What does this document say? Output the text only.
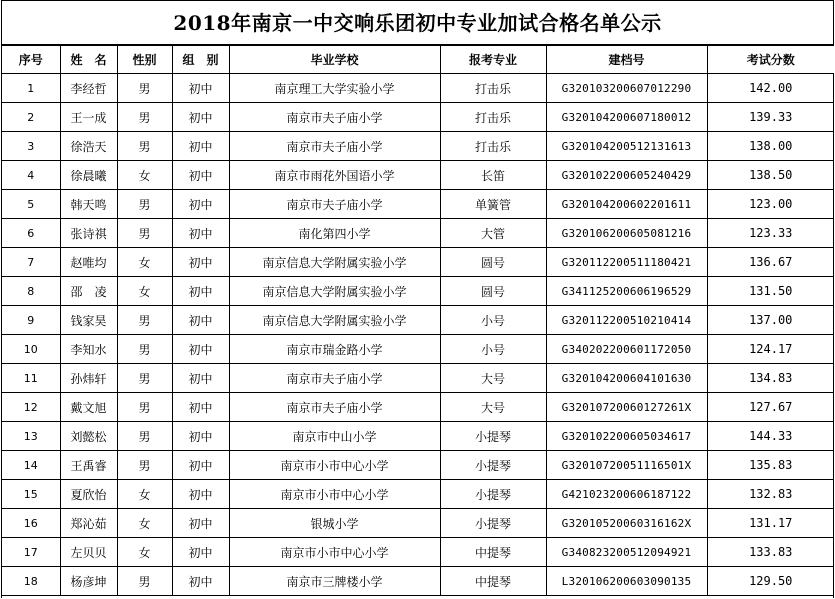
2018年南京一中交响乐团初中专业加试合格名单公示
序号	姓　名	性别	组　别	毕业学校	报考专业	建档号	考试分数
1	李经哲	男	初中	南京理工大学实验小学	打击乐	G320103200607012290	142.00
2	王一成	男	初中	南京市夫子庙小学	打击乐	G320104200607180012	139.33
3	徐浩天	男	初中	南京市夫子庙小学	打击乐	G320104200512131613	138.00
4	徐晨曦	女	初中	南京市雨花外国语小学	长笛	G320102200605240429	138.50
5	韩天鸣	男	初中	南京市夫子庙小学	单簧管	G320104200602201611	123.00
6	张诗祺	男	初中	南化第四小学	大管	G320106200605081216	123.33
7	赵唯均	女	初中	南京信息大学附属实验小学	圆号	G320112200511180421	136.67
8	邵　凌	女	初中	南京信息大学附属实验小学	圆号	G341125200606196529	131.50
9	钱家昊	男	初中	南京信息大学附属实验小学	小号	G320112200510210414	137.00
10	李知水	男	初中	南京市瑞金路小学	小号	G340202200601172050	124.17
11	孙炜轩	男	初中	南京市夫子庙小学	大号	G320104200604101630	134.83
12	戴文旭	男	初中	南京市夫子庙小学	大号	G32010720060127261X	127.67
13	刘懿松	男	初中	南京市中山小学	小提琴	G320102200605034617	144.33
14	王禹睿	男	初中	南京市小市中心小学	小提琴	G32010720051116501X	135.83
15	夏欣怡	女	初中	南京市小市中心小学	小提琴	G421023200606187122	132.83
16	郑沁茹	女	初中	银城小学	小提琴	G32010520060316162X	131.17
17	左贝贝	女	初中	南京市小市中心小学	中提琴	G340823200512094921	133.83
18	杨彦坤	男	初中	南京市三牌楼小学	中提琴	L320106200603090135	129.50
